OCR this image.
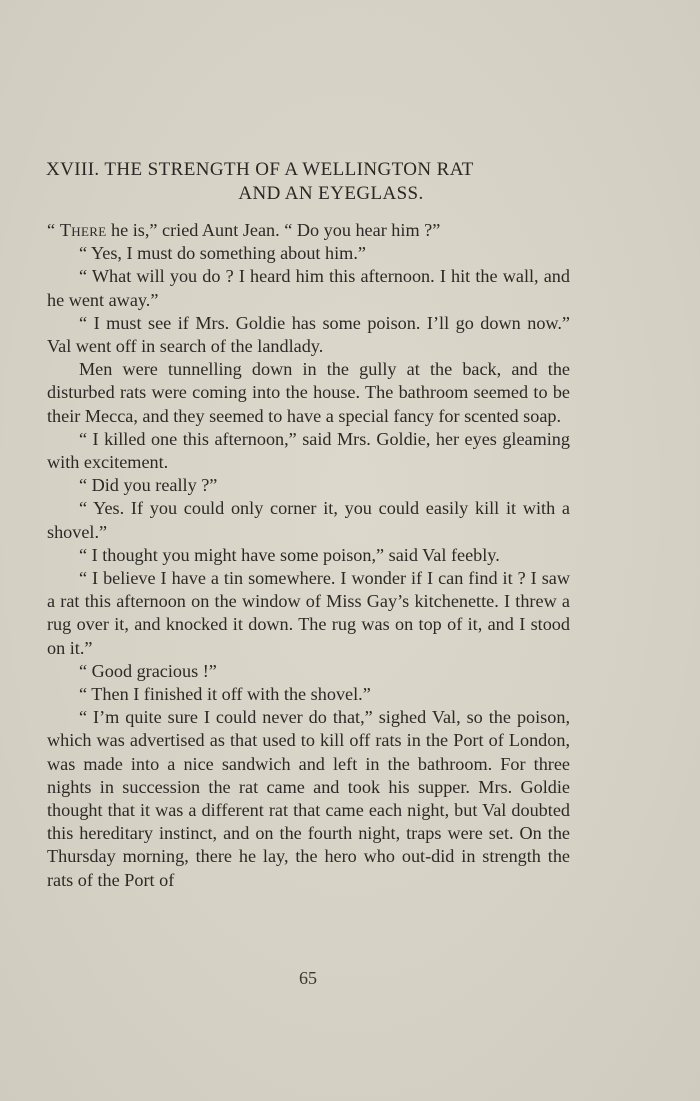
XVIII. THE STRENGTH OF A WELLINGTON RAT
AND AN EYEGLASS.

“ There he is,” cried Aunt Jean. “ Do you hear him ?”

“ Yes, I must do something about him.”

“ What will you do ? I heard him this afternoon. I hit the wall, and he went away.”

“ I must see if Mrs. Goldie has some poison. I’ll go down now.” Val went off in search of the landlady.

Men were tunnelling down in the gully at the back, and the disturbed rats were coming into the house. The bathroom seemed to be their Mecca, and they seemed to have a special fancy for scented soap.

“ I killed one this afternoon,” said Mrs. Goldie, her eyes gleaming with excitement.

“ Did you really ?”

“ Yes. If you could only corner it, you could easily kill it with a shovel.”

“ I thought you might have some poison,” said Val feebly.

“ I believe I have a tin somewhere. I wonder if I can find it ? I saw a rat this afternoon on the window of Miss Gay’s kitchenette. I threw a rug over it, and knocked it down. The rug was on top of it, and I stood on it.”

“ Good gracious !”

“ Then I finished it off with the shovel.”

“ I’m quite sure I could never do that,” sighed Val, so the poison, which was advertised as that used to kill off rats in the Port of London, was made into a nice sandwich and left in the bathroom. For three nights in succession the rat came and took his supper. Mrs. Goldie thought that it was a different rat that came each night, but Val doubted this hereditary instinct, and on the fourth night, traps were set. On the Thursday morning, there he lay, the hero who out-did in strength the rats of the Port of

65
